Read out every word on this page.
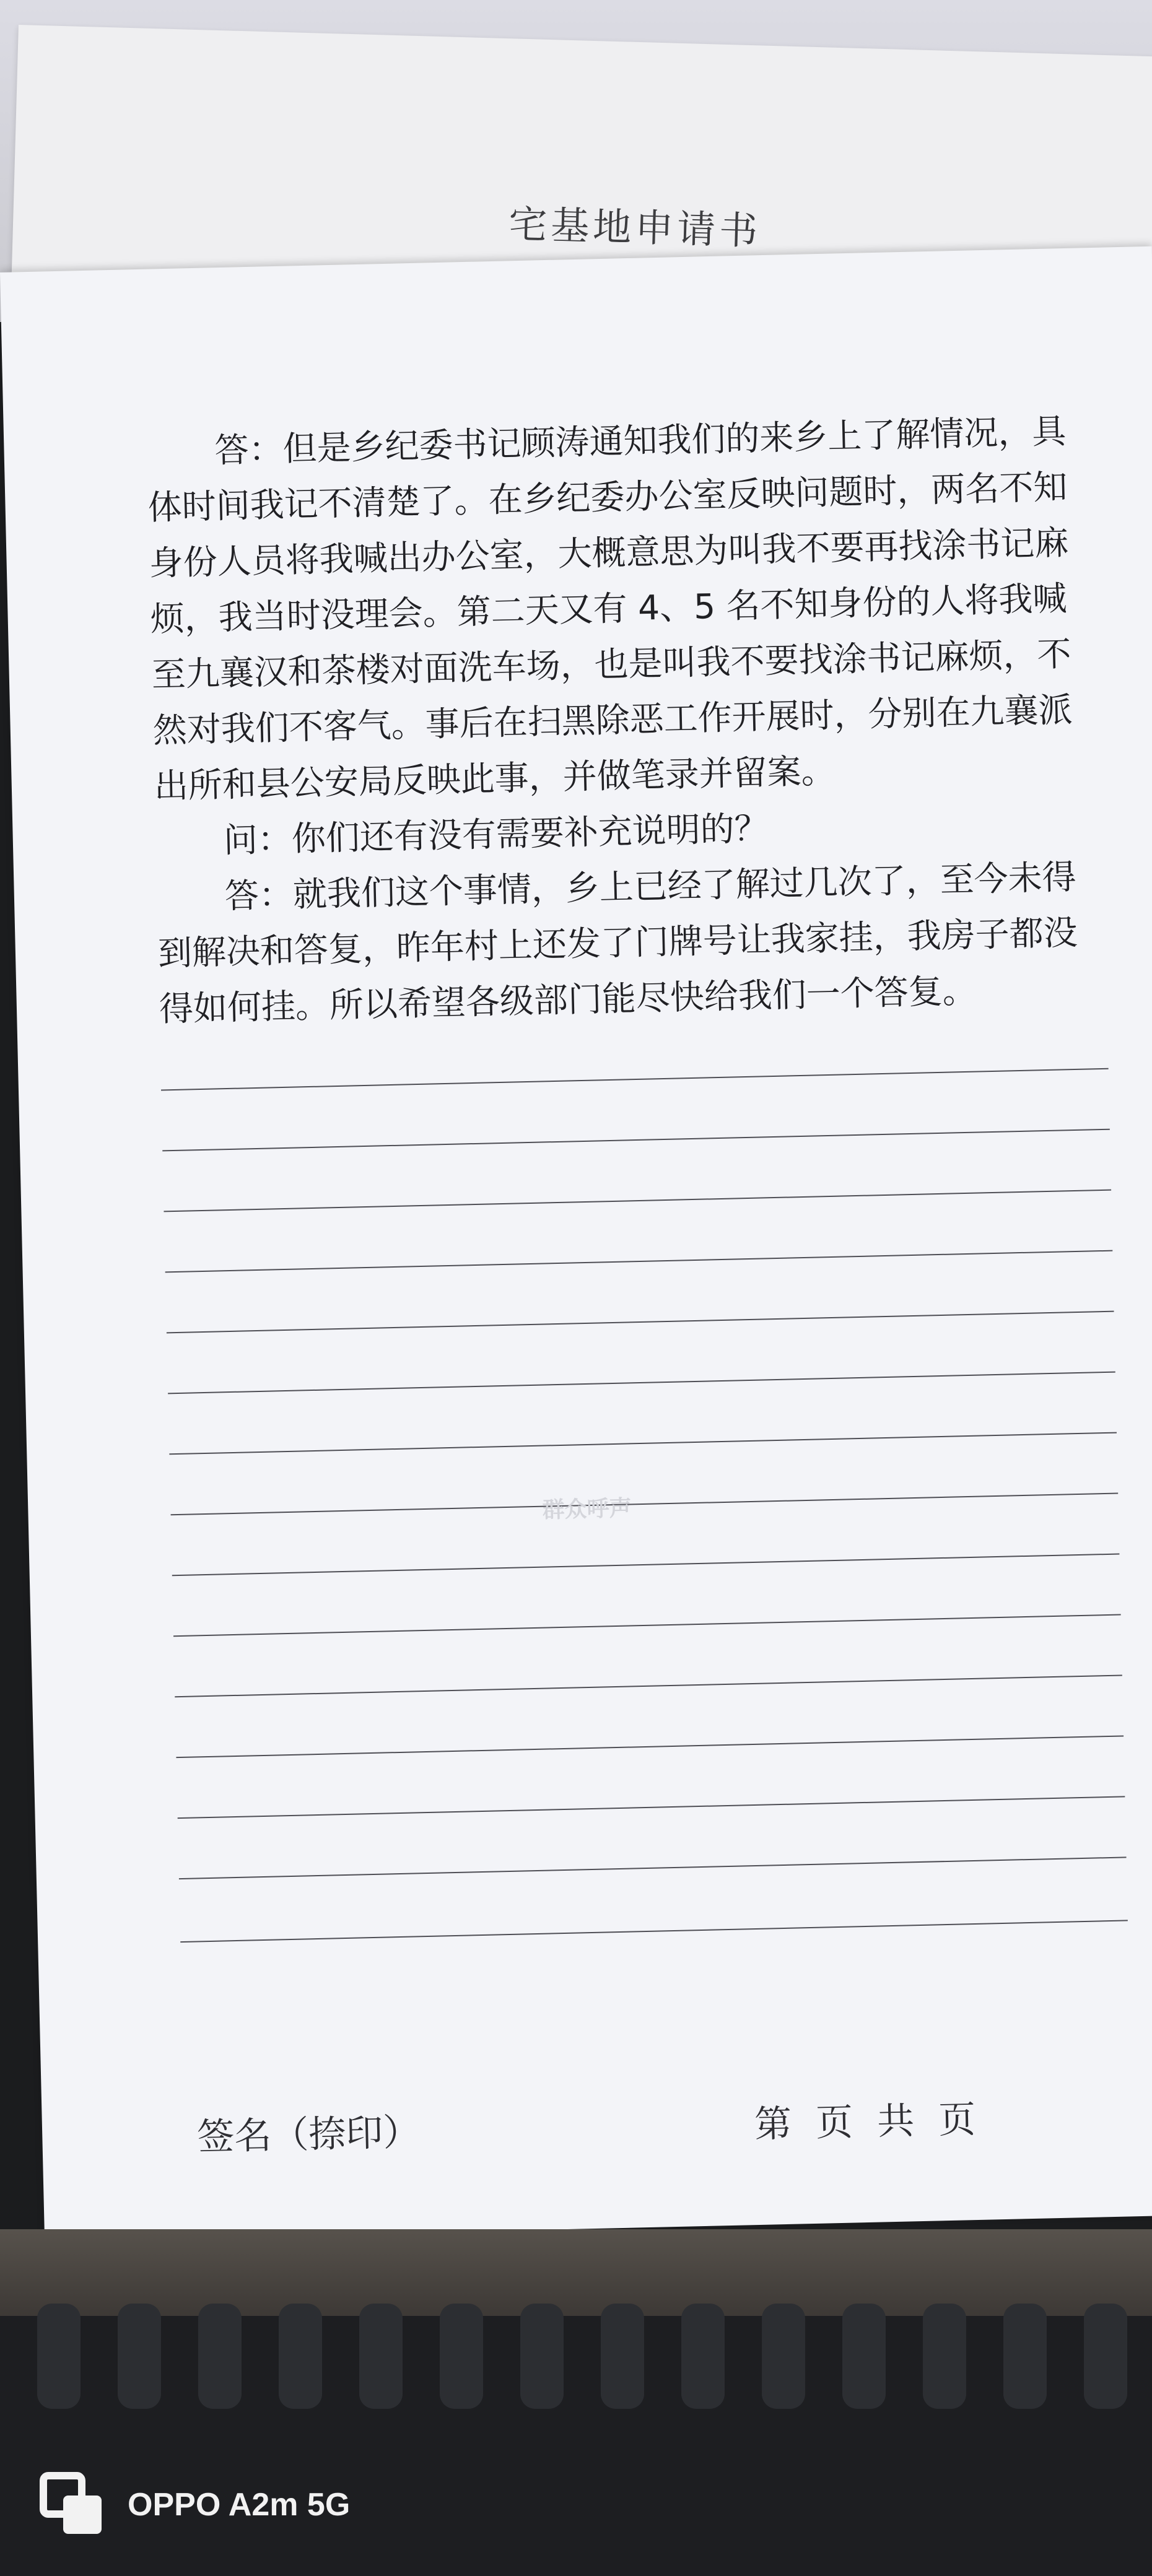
宅基地申请书

答：但是乡纪委书记顾涛通知我们的来乡上了解情况，具体时间我记不清楚了。在乡纪委办公室反映问题时，两名不知身份人员将我喊出办公室，大概意思为叫我不要再找涂书记麻烦，我当时没理会。第二天又有 4、5 名不知身份的人将我喊至九襄汉和茶楼对面洗车场，也是叫我不要找涂书记麻烦，不然对我们不客气。事后在扫黑除恶工作开展时，分别在九襄派出所和县公安局反映此事，并做笔录并留案。

问：你们还有没有需要补充说明的？

答：就我们这个事情，乡上已经了解过几次了，至今未得到解决和答复，昨年村上还发了门牌号让我家挂，我房子都没得如何挂。所以希望各级部门能尽快给我们一个答复。

群众呼声
签名（捺印）	第 页 共 页
OPPO A2m 5G
